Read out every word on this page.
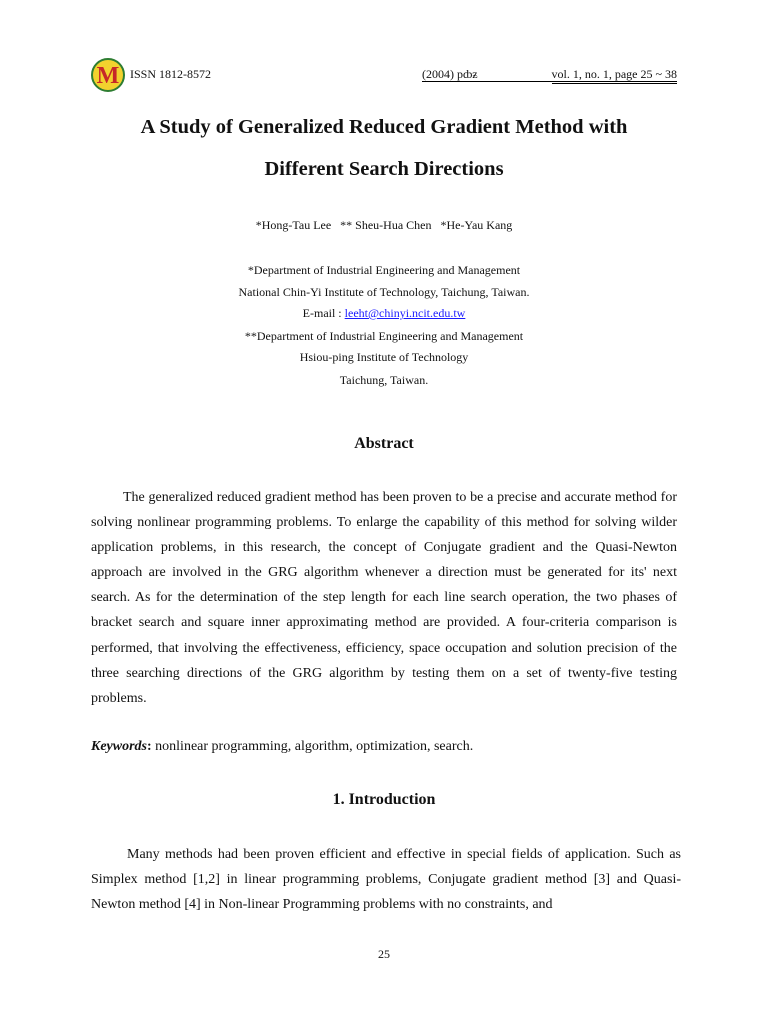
M ISSN 1812-8572	(2004) pȸƶ	vol. 1, no. 1, page 25 ~ 38
A Study of Generalized Reduced Gradient Method with
Different Search Directions
*Hong-Tau Lee   ** Sheu-Hua Chen   *He-Yau Kang
*Department of Industrial Engineering and Management
National Chin-Yi Institute of Technology, Taichung, Taiwan.
E-mail : leeht@chinyi.ncit.edu.tw
**Department of Industrial Engineering and Management
Hsiou-ping Institute of Technology
Taichung, Taiwan.
Abstract

The generalized reduced gradient method has been proven to be a precise and accurate method for solving nonlinear programming problems. To enlarge the capability of this method for solving wilder application problems, in this research, the concept of Conjugate gradient and the Quasi-Newton approach are involved in the GRG algorithm whenever a direction must be generated for its' next search. As for the determination of the step length for each line search operation, the two phases of bracket search and square inner approximating method are provided. A four-criteria comparison is performed, that involving the effectiveness, efficiency, space occupation and solution precision of the three searching directions of the GRG algorithm by testing them on a set of twenty-five testing problems.

Keywords: nonlinear programming, algorithm, optimization, search.
1. Introduction

Many methods had been proven efficient and effective in special fields of application. Such as Simplex method [1,2] in linear programming problems, Conjugate gradient method [3] and Quasi-Newton method [4] in Non-linear Programming problems with no constraints, and

25
